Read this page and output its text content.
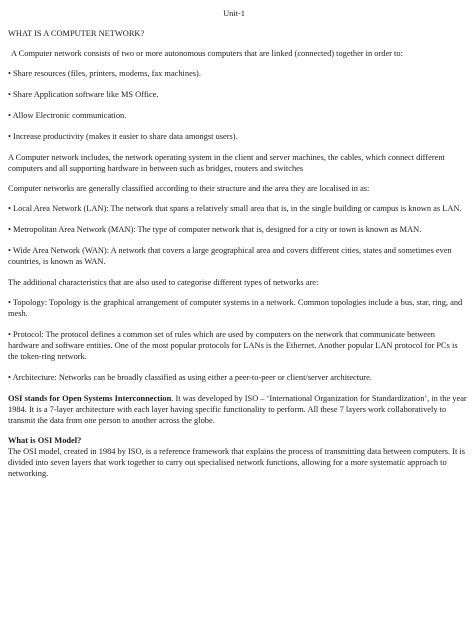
Unit-1
WHAT IS A COMPUTER NETWORK?

A Computer network consists of two or more autonomous computers that are linked (connected) together in order to:

• Share resources (files, printers, modems, fax machines).

• Share Application software like MS Office.

• Allow Electronic communication.

• Increase productivity (makes it easier to share data amongst users).

A Computer network includes, the network operating system in the client and server machines, the cables, which connect different computers and all supporting hardware in between such as bridges, routers and switches

Computer networks are generally classified according to their structure and the area they are localised in as:

• Local Area Network (LAN): The network that spans a relatively small area that is, in the single building or campus is known as LAN.

• Metropolitan Area Network (MAN): The type of computer network that is, designed for a city or town is known as MAN.

• Wide Area Network (WAN): A network that covers a large geographical area and covers different cities, states and sometimes even countries, is known as WAN.

The additional characteristics that are also used to categorise different types of networks are:

• Topology: Topology is the graphical arrangement of computer systems in a network. Common topologies include a bus, star, ring, and mesh.

• Protocol: The protocol defines a common set of rules which are used by computers on the network that communicate between hardware and software entities. One of the most popular protocols for LANs is the Ethernet. Another popular LAN protocol for PCs is the token-ring network.

• Architecture: Networks can be broadly classified as using either a peer-to-peer or client/server architecture.

OSI stands for Open Systems Interconnection. It was developed by ISO – ‘International Organization for Standardization’, in the year 1984. It is a 7-layer architecture with each layer having specific functionality to perform. All these 7 layers work collaboratively to transmit the data from one person to another across the globe.

What is OSI Model?

The OSI model, created in 1984 by ISO, is a reference framework that explains the process of transmitting data between computers. It is divided into seven layers that work together to carry out specialised network functions, allowing for a more systematic approach to networking.
